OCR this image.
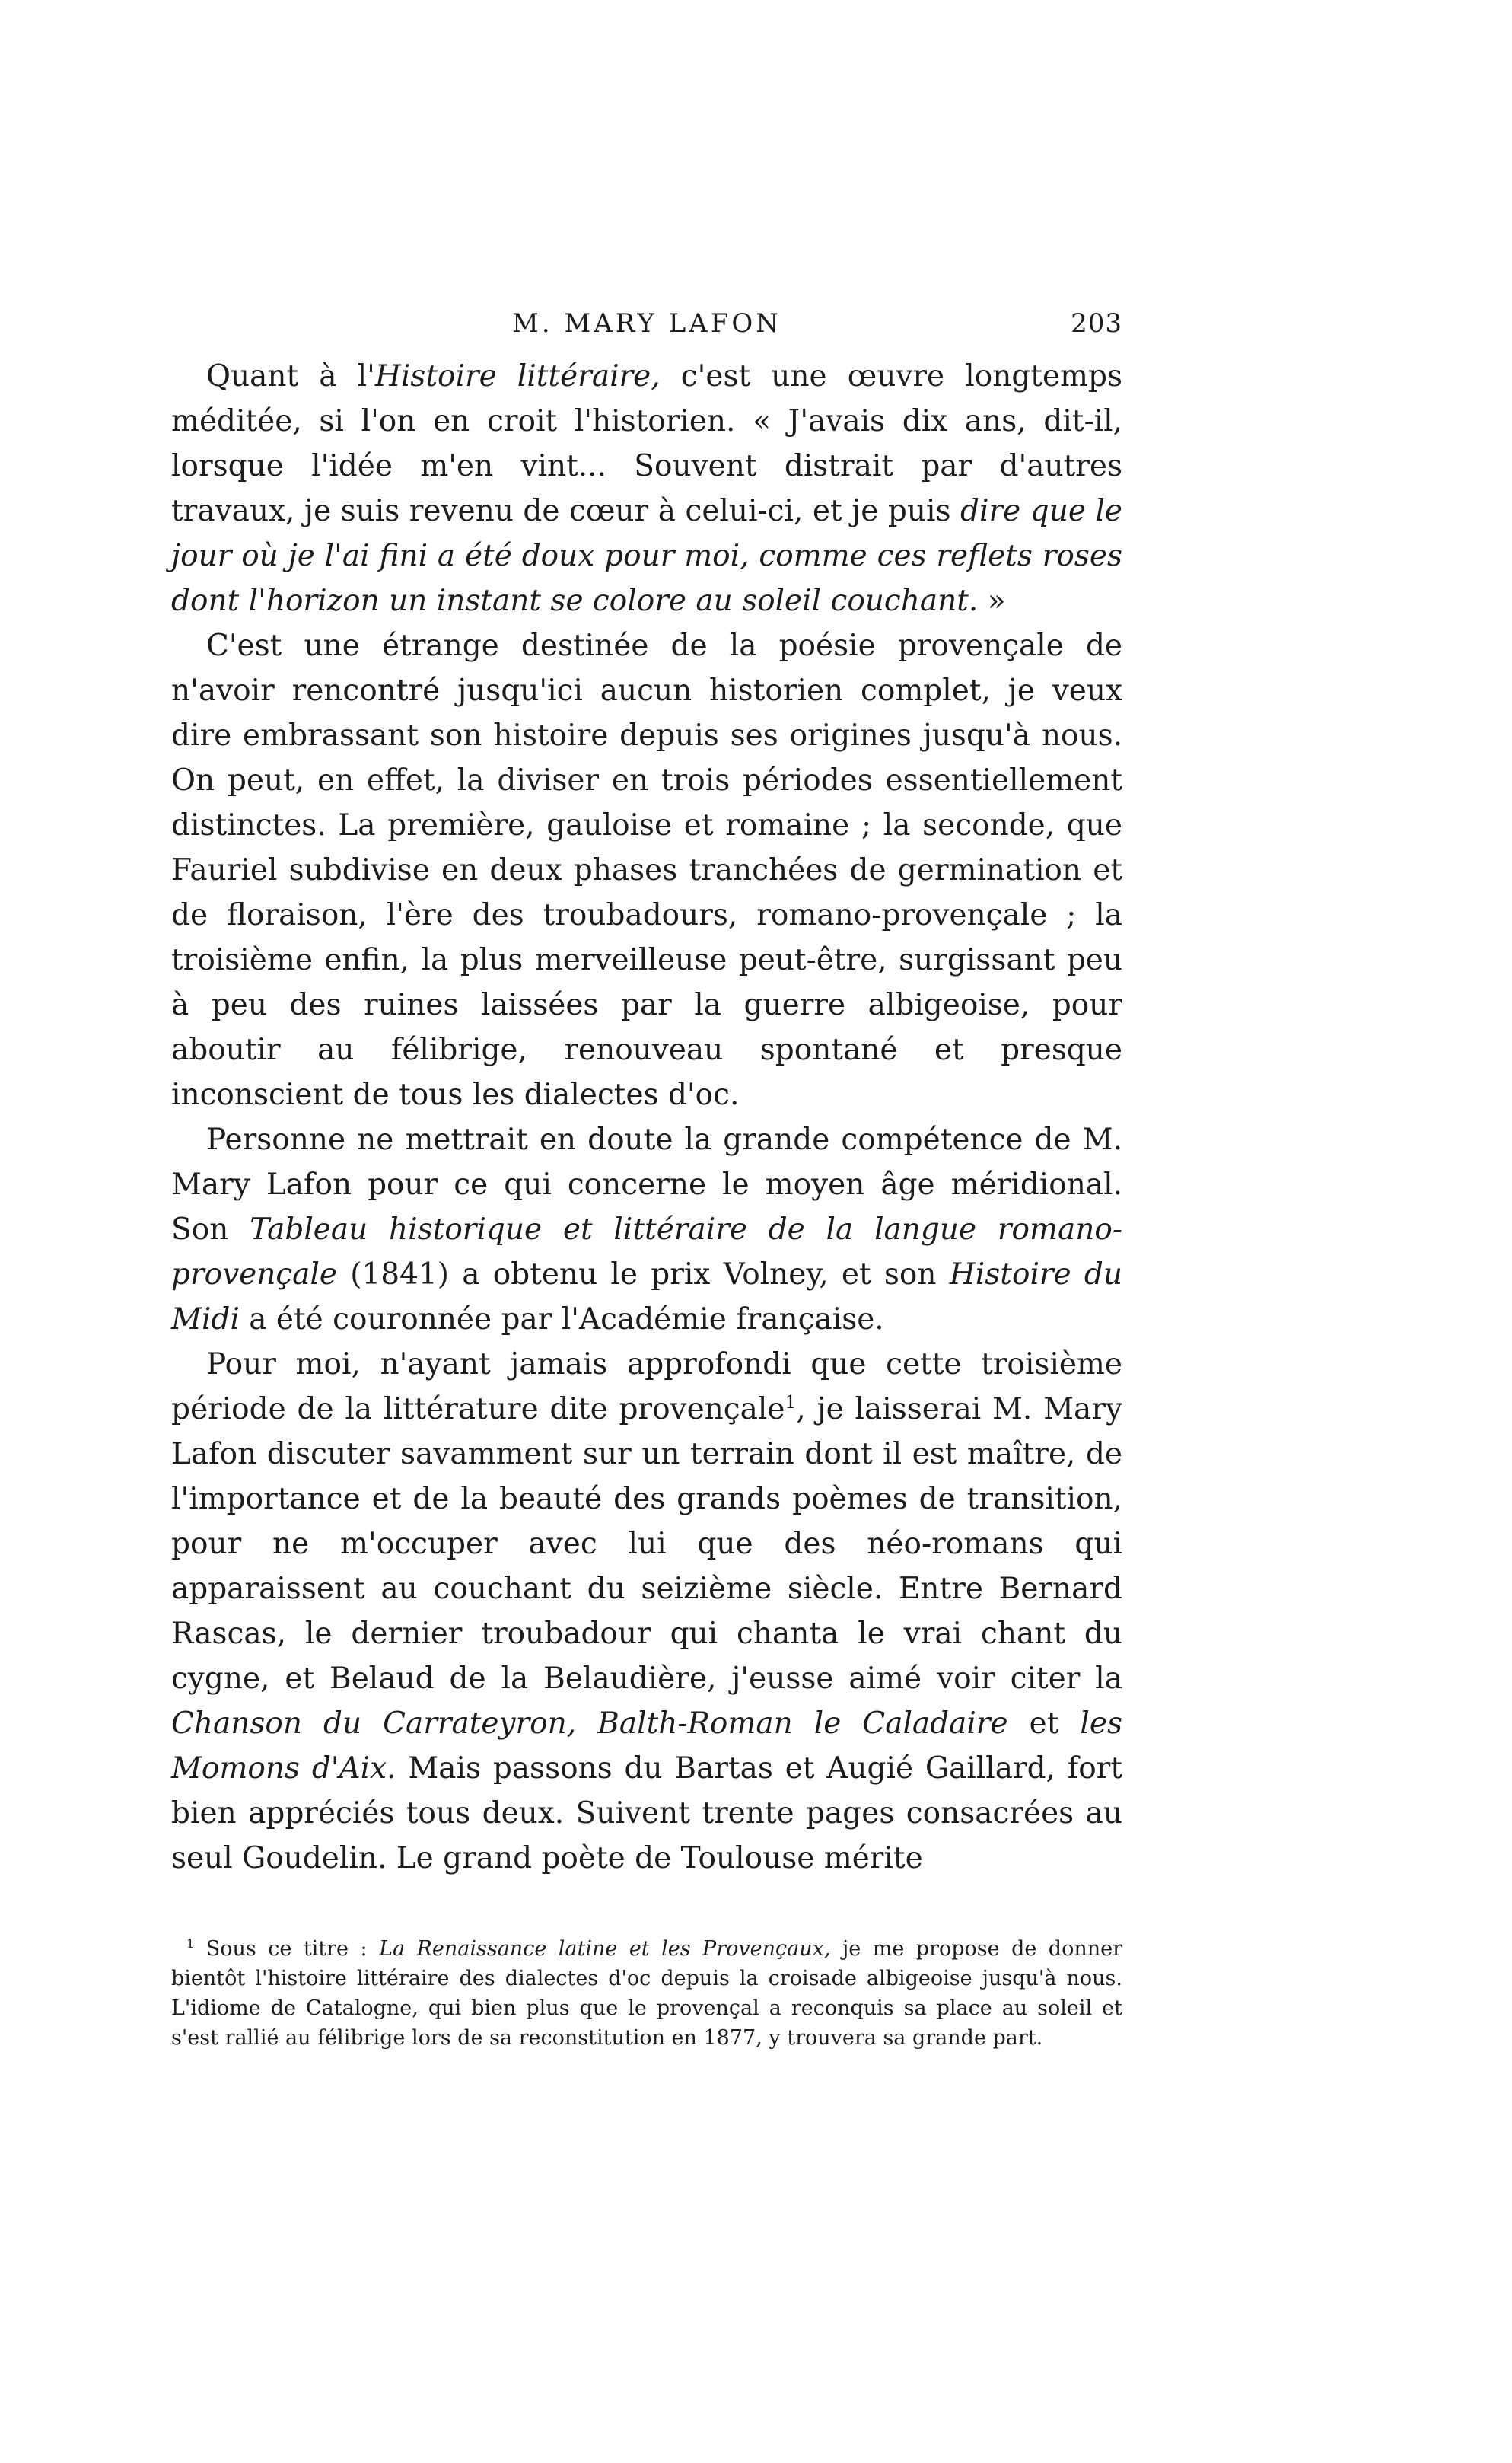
M. MARY LAFON	203

Quant à l'Histoire littéraire, c'est une œuvre longtemps méditée, si l'on en croit l'historien. « J'avais dix ans, dit-il, lorsque l'idée m'en vint... Souvent distrait par d'autres travaux, je suis revenu de cœur à celui-ci, et je puis dire que le jour où je l'ai fini a été doux pour moi, comme ces reflets roses dont l'horizon un instant se colore au soleil couchant. »

C'est une étrange destinée de la poésie provençale de n'avoir rencontré jusqu'ici aucun historien complet, je veux dire embrassant son histoire depuis ses origines jusqu'à nous. On peut, en effet, la diviser en trois périodes essentiellement distinctes. La première, gauloise et romaine ; la seconde, que Fauriel subdivise en deux phases tranchées de germination et de floraison, l'ère des troubadours, romano-provençale ; la troisième enfin, la plus merveilleuse peut-être, surgissant peu à peu des ruines laissées par la guerre albigeoise, pour aboutir au félibrige, renouveau spontané et presque inconscient de tous les dialectes d'oc.

Personne ne mettrait en doute la grande compétence de M. Mary Lafon pour ce qui concerne le moyen âge méridional. Son Tableau historique et littéraire de la langue romano-provençale (1841) a obtenu le prix Volney, et son Histoire du Midi a été couronnée par l'Académie française.

Pour moi, n'ayant jamais approfondi que cette troisième période de la littérature dite provençale$^1$, je laisserai M. Mary Lafon discuter savamment sur un terrain dont il est maître, de l'importance et de la beauté des grands poèmes de transition, pour ne m'occuper avec lui que des néo-romans qui apparaissent au couchant du seizième siècle. Entre Bernard Rascas, le dernier troubadour qui chanta le vrai chant du cygne, et Belaud de la Belaudière, j'eusse aimé voir citer la Chanson du Carrateyron, Balth-Roman le Caladaire et les Momons d'Aix. Mais passons du Bartas et Augié Gaillard, fort bien appréciés tous deux. Suivent trente pages consacrées au seul Goudelin. Le grand poète de Toulouse mérite

$^1$ Sous ce titre : La Renaissance latine et les Provençaux, je me propose de donner bientôt l'histoire littéraire des dialectes d'oc depuis la croisade albigeoise jusqu'à nous. L'idiome de Catalogne, qui bien plus que le provençal a reconquis sa place au soleil et s'est rallié au félibrige lors de sa reconstitution en 1877, y trouvera sa grande part.
